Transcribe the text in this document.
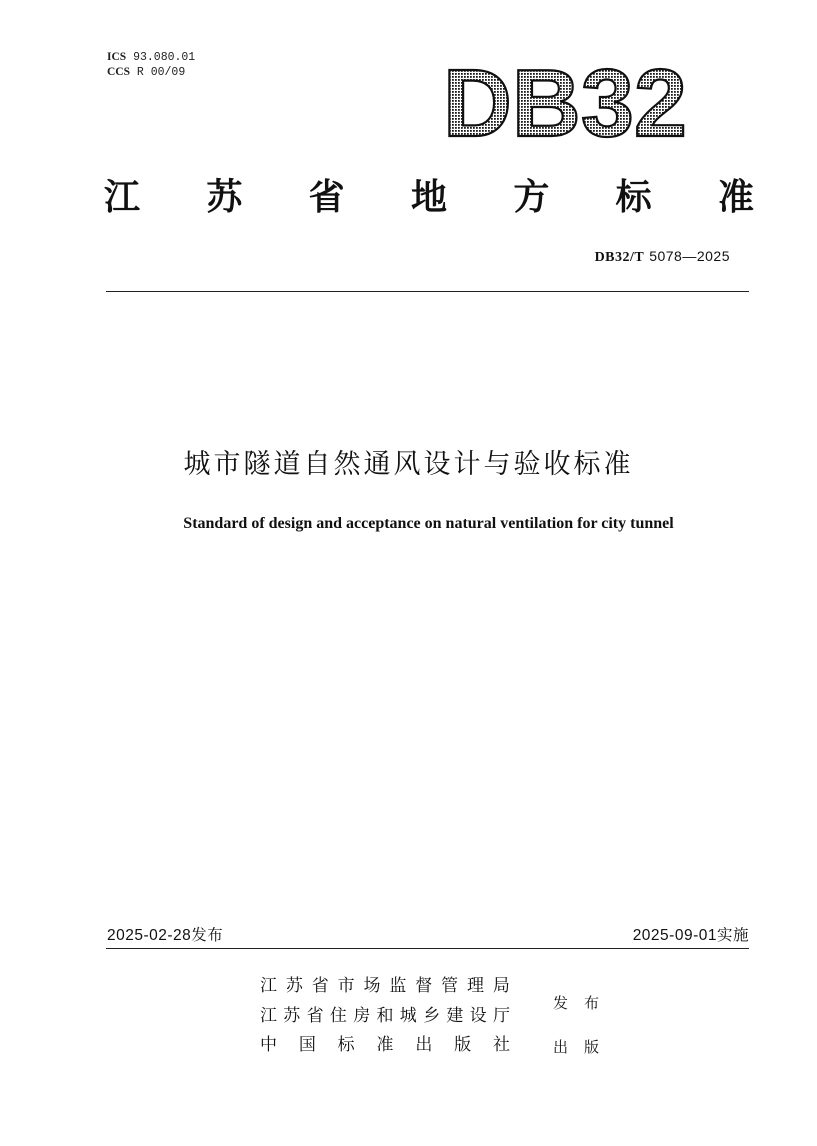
ICS 93.080.01
CCS R 00/09	DB32
江 苏 省 地 方 标 准
DB32/T 5078—2025
城市隧道自然通风设计与验收标准
Standard of design and acceptance on natural ventilation for city tunnel
2025-02-28发布	2025-09-01实施
江 苏 省 市 场 监 督 管 理 局
江 苏 省 住 房 和 城 乡 建 设 厅
中 国 标 准 出 版 社
发 布
出 版
